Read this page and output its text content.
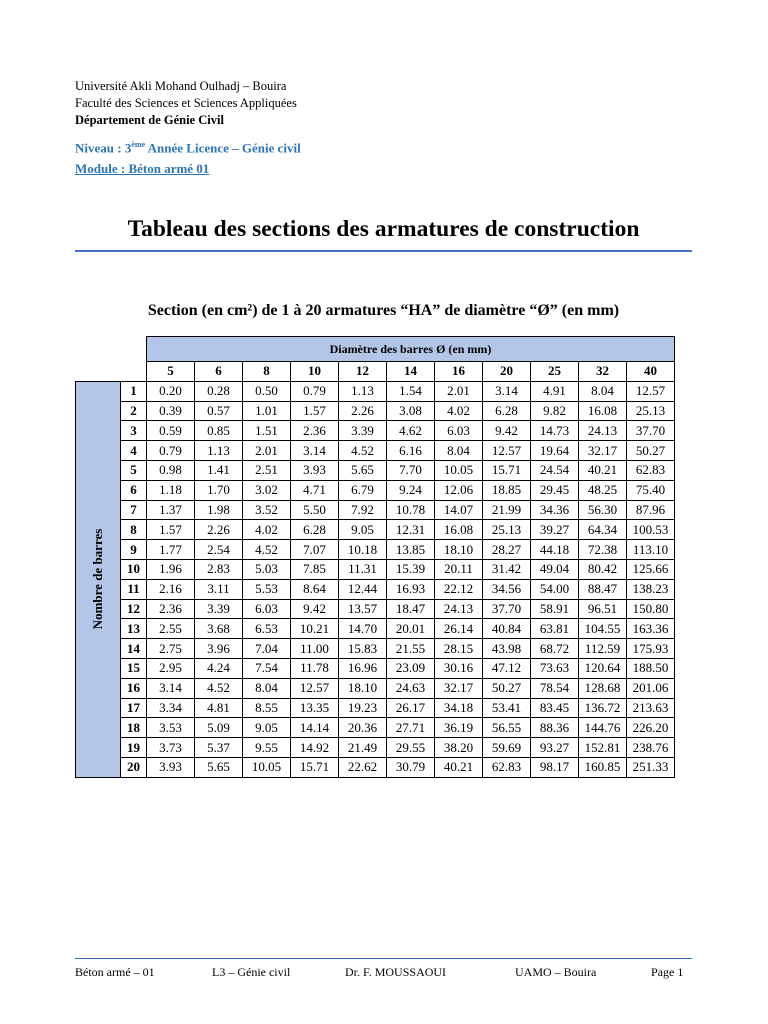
Université Akli Mohand Oulhadj – Bouira
Faculté des Sciences et Sciences Appliquées
Département de Génie Civil
Niveau : 3ème Année Licence – Génie civil
Module : Béton armé 01
Tableau des sections des armatures de construction
Section (en cm²) de 1 à 20 armatures “HA” de diamètre “Ø” (en mm)
		Diamètre des barres Ø (en mm)										
		5	6	8	10	12	14	16	20	25	32	40

Nombre de barres	1	0.20	0.28	0.50	0.79	1.13	1.54	2.01	3.14	4.91	8.04	12.57
	2	0.39	0.57	1.01	1.57	2.26	3.08	4.02	6.28	9.82	16.08	25.13
	3	0.59	0.85	1.51	2.36	3.39	4.62	6.03	9.42	14.73	24.13	37.70
	4	0.79	1.13	2.01	3.14	4.52	6.16	8.04	12.57	19.64	32.17	50.27
	5	0.98	1.41	2.51	3.93	5.65	7.70	10.05	15.71	24.54	40.21	62.83
	6	1.18	1.70	3.02	4.71	6.79	9.24	12.06	18.85	29.45	48.25	75.40
	7	1.37	1.98	3.52	5.50	7.92	10.78	14.07	21.99	34.36	56.30	87.96
	8	1.57	2.26	4.02	6.28	9.05	12.31	16.08	25.13	39.27	64.34	100.53
	9	1.77	2.54	4.52	7.07	10.18	13.85	18.10	28.27	44.18	72.38	113.10
	10	1.96	2.83	5.03	7.85	11.31	15.39	20.11	31.42	49.04	80.42	125.66
	11	2.16	3.11	5.53	8.64	12.44	16.93	22.12	34.56	54.00	88.47	138.23
	12	2.36	3.39	6.03	9.42	13.57	18.47	24.13	37.70	58.91	96.51	150.80
	13	2.55	3.68	6.53	10.21	14.70	20.01	26.14	40.84	63.81	104.55	163.36
	14	2.75	3.96	7.04	11.00	15.83	21.55	28.15	43.98	68.72	112.59	175.93
	15	2.95	4.24	7.54	11.78	16.96	23.09	30.16	47.12	73.63	120.64	188.50
	16	3.14	4.52	8.04	12.57	18.10	24.63	32.17	50.27	78.54	128.68	201.06
	17	3.34	4.81	8.55	13.35	19.23	26.17	34.18	53.41	83.45	136.72	213.63
	18	3.53	5.09	9.05	14.14	20.36	27.71	36.19	56.55	88.36	144.76	226.20
	19	3.73	5.37	9.55	14.92	21.49	29.55	38.20	59.69	93.27	152.81	238.76
	20	3.93	5.65	10.05	15.71	22.62	30.79	40.21	62.83	98.17	160.85	251.33
Béton armé – 01	L3 – Génie civil	Dr. F. MOUSSAOUI	UAMO – Bouira	Page 1
